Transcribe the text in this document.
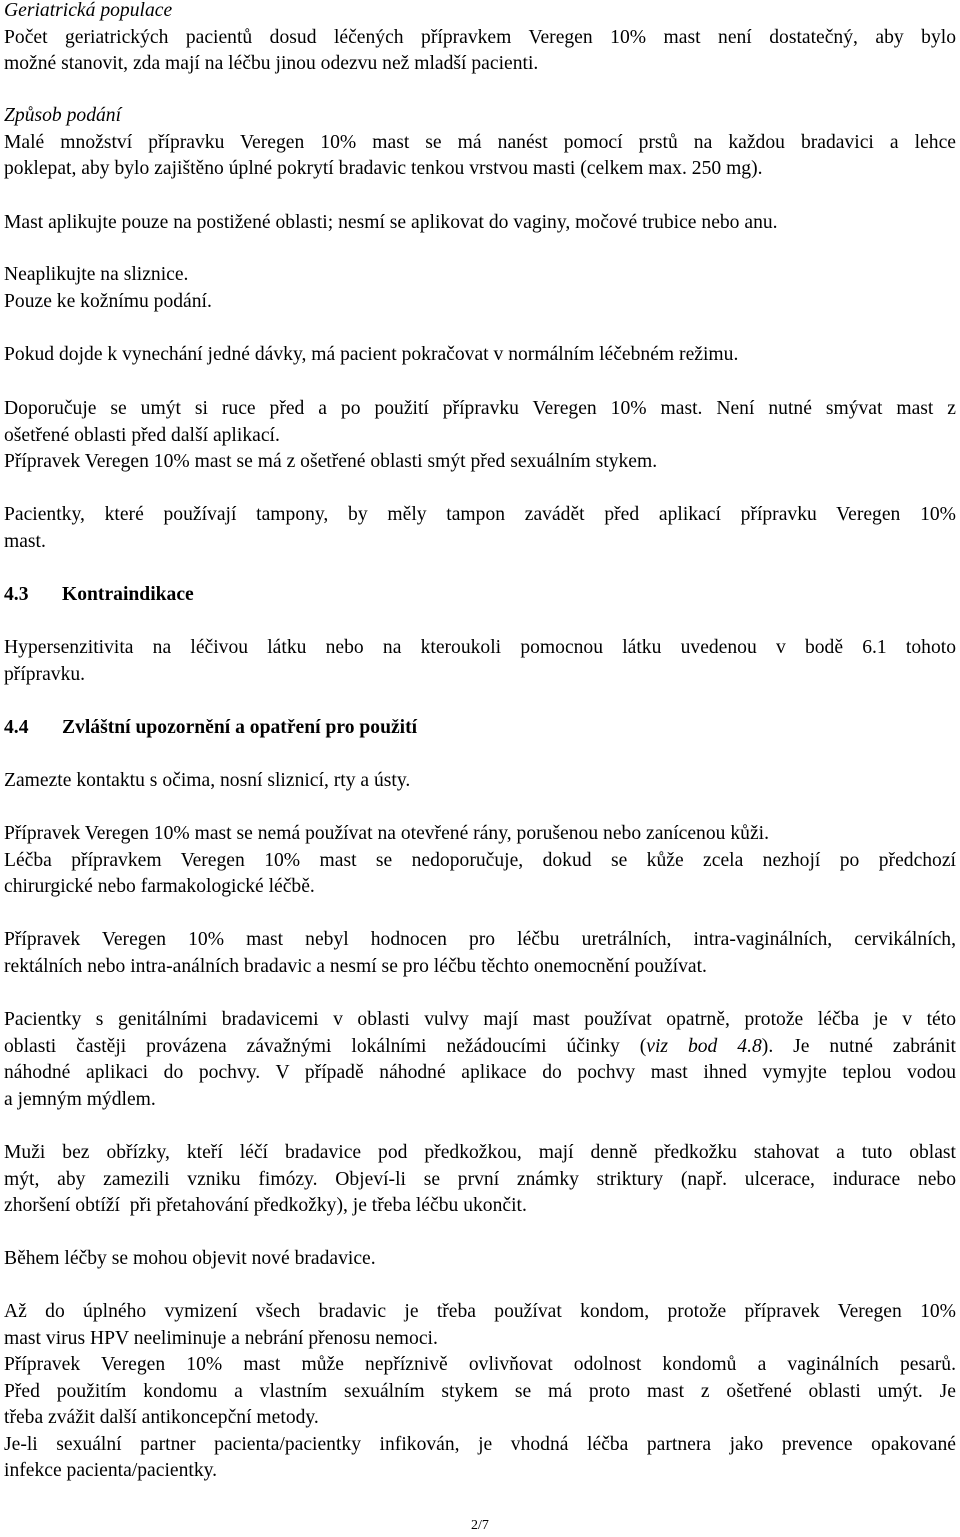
Geriatrická populace
Počet geriatrických pacientů dosud léčených přípravkem Veregen 10% mast není dostatečný, aby bylo
možné stanovit, zda mají na léčbu jinou odezvu než mladší pacienti.
Způsob podání
Malé množství přípravku Veregen 10% mast se má nanést pomocí prstů na každou bradavici a lehce
poklepat, aby bylo zajištěno úplné pokrytí bradavic tenkou vrstvou masti (celkem max. 250 mg).
Mast aplikujte pouze na postižené oblasti; nesmí se aplikovat do vaginy, močové trubice nebo anu.
Neaplikujte na sliznice.
Pouze ke kožnímu podání.
Pokud dojde k vynechání jedné dávky, má pacient pokračovat v normálním léčebném režimu.
Doporučuje se umýt si ruce před a po použití přípravku Veregen 10% mast. Není nutné smývat mast z
ošetřené oblasti před další aplikací.
Přípravek Veregen 10% mast se má z ošetřené oblasti smýt před sexuálním stykem.
Pacientky, které používají tampony, by měly tampon zavádět před aplikací přípravku Veregen 10%
mast.
4.3 Kontraindikace
Hypersenzitivita na léčivou látku nebo na kteroukoli pomocnou látku uvedenou v bodě 6.1 tohoto
přípravku.
4.4 Zvláštní upozornění a opatření pro použití
Zamezte kontaktu s očima, nosní sliznicí, rty a ústy.
Přípravek Veregen 10% mast se nemá používat na otevřené rány, porušenou nebo zanícenou kůži.
Léčba přípravkem Veregen 10% mast se nedoporučuje, dokud se kůže zcela nezhojí po předchozí
chirurgické nebo farmakologické léčbě.
Přípravek Veregen 10% mast nebyl hodnocen pro léčbu uretrálních, intra-vaginálních, cervikálních,
rektálních nebo intra-análních bradavic a nesmí se pro léčbu těchto onemocnění používat.
Pacientky s genitálními bradavicemi v oblasti vulvy mají mast používat opatrně, protože léčba je v této
oblasti častěji provázena závažnými lokálními nežádoucími účinky (viz bod 4.8). Je nutné zabránit
náhodné aplikaci do pochvy. V případě náhodné aplikace do pochvy mast ihned vymyjte teplou vodou
a jemným mýdlem.
Muži bez obřízky, kteří léčí bradavice pod předkožkou, mají denně předkožku stahovat a tuto oblast
mýt, aby zamezili vzniku fimózy. Objeví-li se první známky striktury (např. ulcerace, indurace nebo
zhoršení obtíží  při přetahování předkožky), je třeba léčbu ukončit.
Během léčby se mohou objevit nové bradavice.
Až do úplného vymizení všech bradavic je třeba používat kondom, protože přípravek Veregen 10%
mast virus HPV neeliminuje a nebrání přenosu nemoci.
Přípravek Veregen 10% mast může nepříznivě ovlivňovat odolnost kondomů a vaginálních pesarů.
Před použitím kondomu a vlastním sexuálním stykem se má proto mast z ošetřené oblasti umýt. Je
třeba zvážit další antikoncepční metody.
Je-li sexuální partner pacienta/pacientky infikován, je vhodná léčba partnera jako prevence opakované
infekce pacienta/pacientky.
2/7
